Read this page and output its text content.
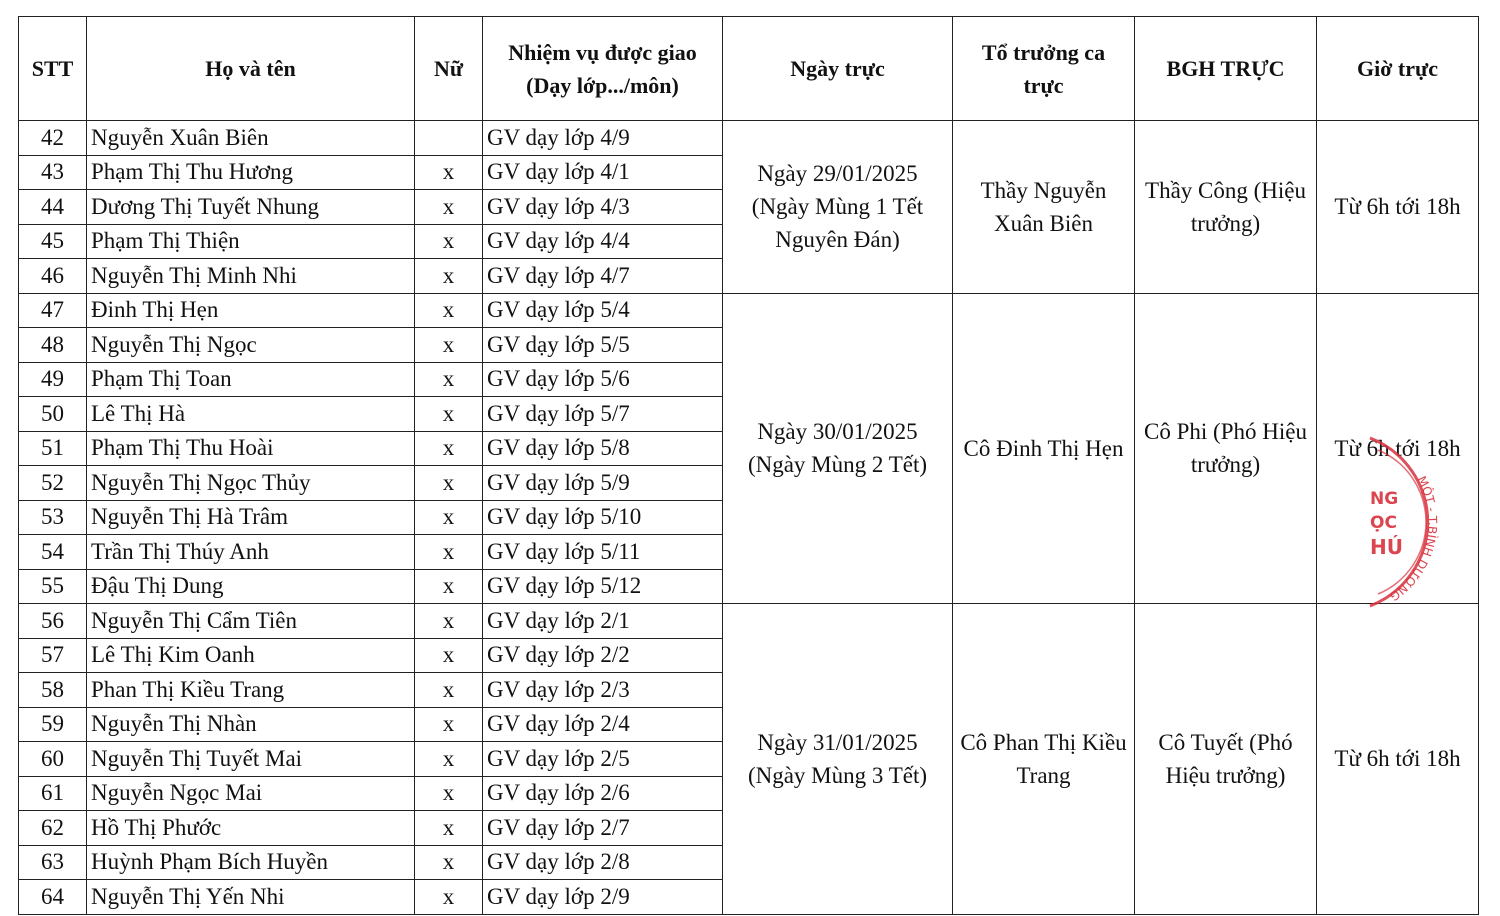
STT	Họ và tên	Nữ	Nhiệm vụ được giao (Dạy lớp.../môn)	Ngày trực	Tổ trưởng ca trực	BGH TRỰC	Giờ trực
42	Nguyễn Xuân Biên		GV dạy lớp 4/9	Ngày 29/01/2025 (Ngày Mùng 1 Tết Nguyên Đán)	Thầy Nguyễn Xuân Biên	Thầy Công (Hiệu trưởng)	Từ 6h tới 18h
43	Phạm Thị Thu Hương	x	GV dạy lớp 4/1				
44	Dương Thị Tuyết Nhung	x	GV dạy lớp 4/3				
45	Phạm Thị Thiện	x	GV dạy lớp 4/4				
46	Nguyễn Thị Minh Nhi	x	GV dạy lớp 4/7				
47	Đinh Thị Hẹn	x	GV dạy lớp 5/4	Ngày 30/01/2025 (Ngày Mùng 2 Tết)	Cô Đinh Thị Hẹn	Cô Phi (Phó Hiệu trưởng)	Từ 6h tới 18h
48	Nguyễn Thị Ngọc	x	GV dạy lớp 5/5				
49	Phạm Thị Toan	x	GV dạy lớp 5/6				
50	Lê Thị Hà	x	GV dạy lớp 5/7				
51	Phạm Thị Thu Hoài	x	GV dạy lớp 5/8				
52	Nguyễn Thị Ngọc Thủy	x	GV dạy lớp 5/9				
53	Nguyễn Thị Hà Trâm	x	GV dạy lớp 5/10				
54	Trần Thị Thúy Anh	x	GV dạy lớp 5/11				
55	Đậu Thị Dung	x	GV dạy lớp 5/12				
56	Nguyễn Thị Cẩm Tiên	x	GV dạy lớp 2/1	Ngày 31/01/2025 (Ngày Mùng 3 Tết)	Cô Phan Thị Kiều Trang	Cô Tuyết (Phó Hiệu trưởng)	Từ 6h tới 18h
57	Lê Thị Kim Oanh	x	GV dạy lớp 2/2				
58	Phan Thị Kiều Trang	x	GV dạy lớp 2/3				
59	Nguyễn Thị Nhàn	x	GV dạy lớp 2/4				
60	Nguyễn Thị Tuyết Mai	x	GV dạy lớp 2/5				
61	Nguyễn Ngọc Mai	x	GV dạy lớp 2/6				
62	Hồ Thị Phước	x	GV dạy lớp 2/7				
63	Huỳnh Phạm Bích Huyền	x	GV dạy lớp 2/8				
64	Nguyễn Thị Yến Nhi	x	GV dạy lớp 2/9				
MỘT - T.BÌNH DƯƠNG
NG
ỌC
HÚ
